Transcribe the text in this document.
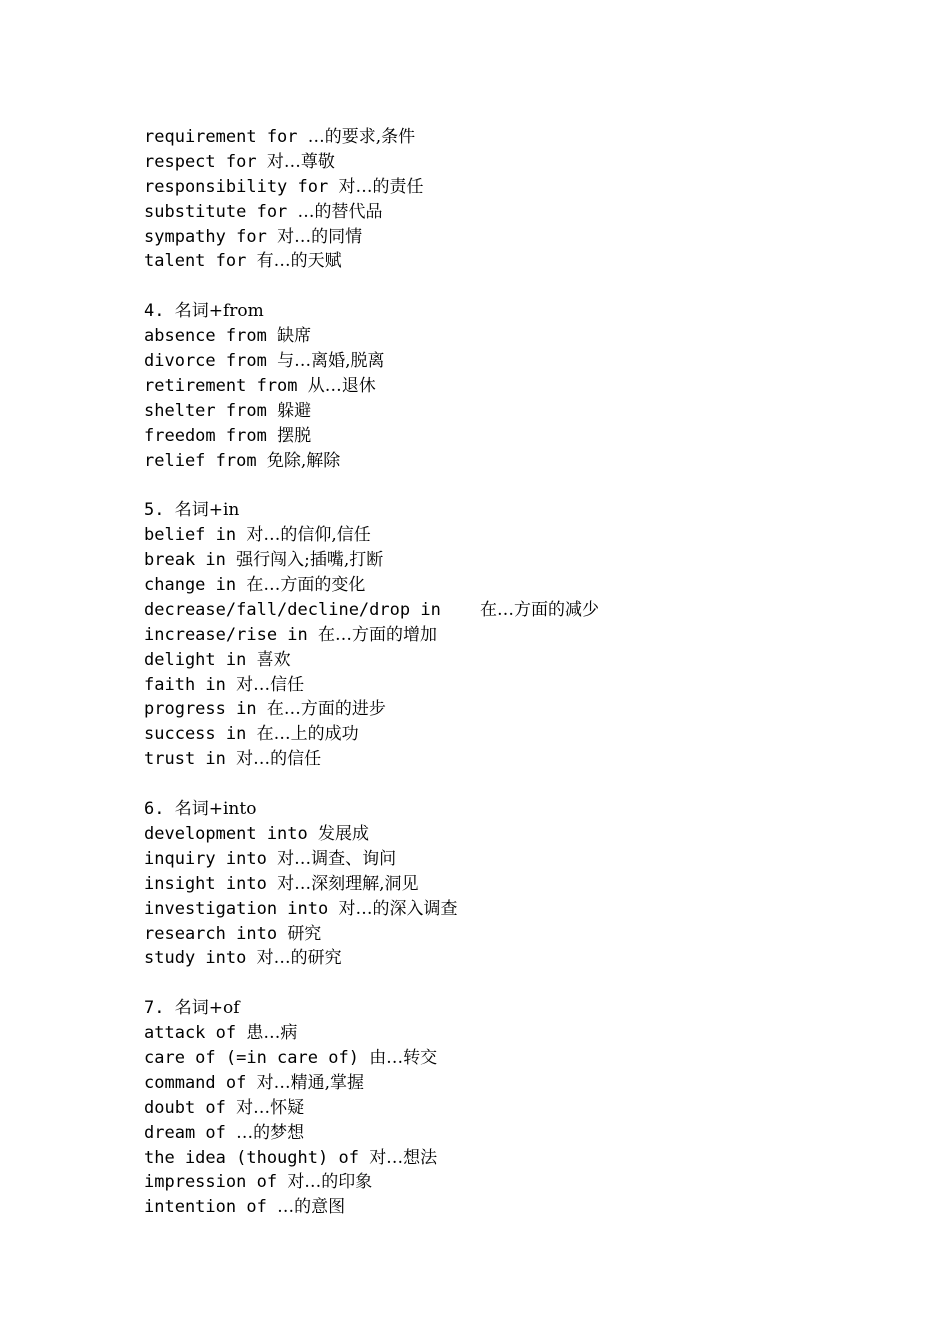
requirement for …的要求,条件
respect for 对…尊敬
responsibility for 对…的责任
substitute for …的替代品
sympathy for 对…的同情
talent for 有…的天赋
4. 名词+from
absence from 缺席
divorce from 与…离婚,脱离
retirement from 从…退休
shelter from 躲避
freedom from 摆脱
relief from 免除,解除
5. 名词+in
belief in 对…的信仰,信任
break in 强行闯入;插嘴,打断
change in 在…方面的变化
decrease/fall/decline/drop in 在…方面的减少
increase/rise in 在…方面的增加
delight in 喜欢
faith in 对…信任
progress in 在…方面的进步
success in 在…上的成功
trust in 对…的信任
6. 名词+into
development into 发展成
inquiry into 对…调查、询问
insight into 对…深刻理解,洞见
investigation into 对…的深入调查
research into 研究
study into 对…的研究
7. 名词+of
attack of 患…病
care of (=in care of) 由…转交
command of 对…精通,掌握
doubt of 对…怀疑
dream of …的梦想
the idea (thought) of 对…想法
impression of 对…的印象
intention of …的意图
